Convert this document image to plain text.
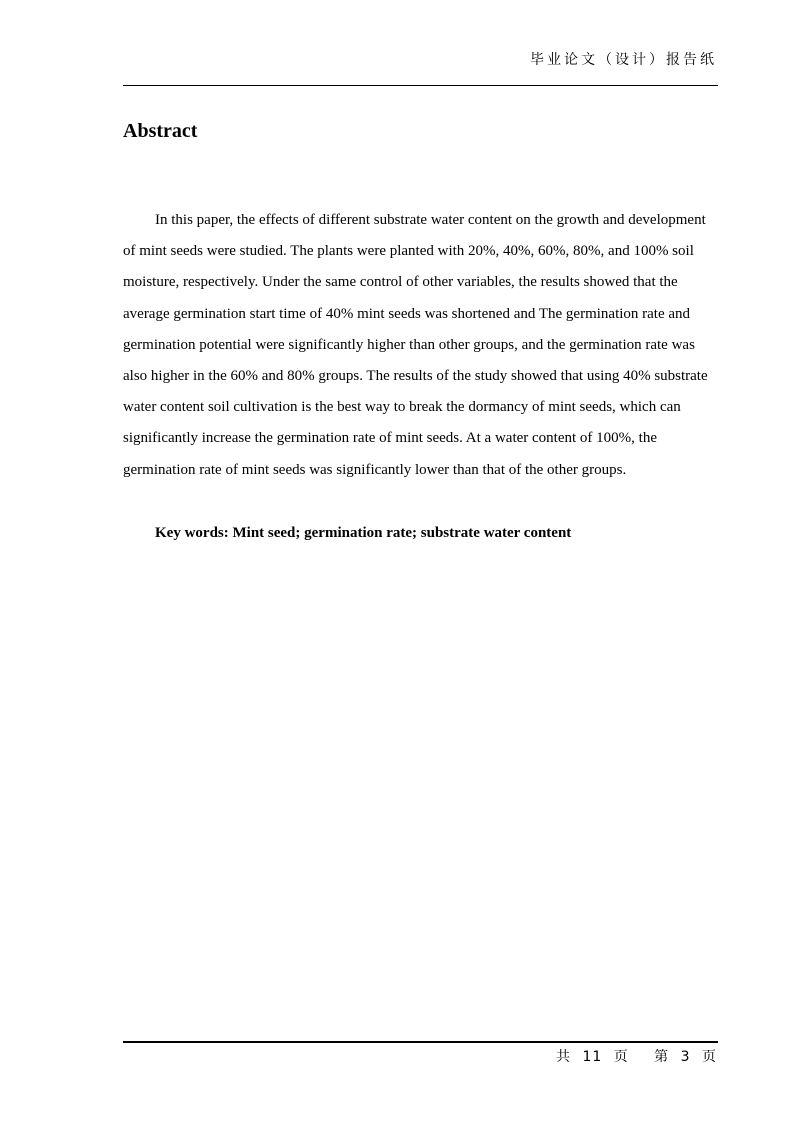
毕业论文（设计）报告纸
Abstract

In this paper, the effects of different substrate water content on the growth and development of mint seeds were studied. The plants were planted with 20%, 40%, 60%, 80%, and 100% soil moisture, respectively. Under the same control of other variables, the results showed that the average germination start time of 40% mint seeds was shortened and The germination rate and germination potential were significantly higher than other groups, and the germination rate was also higher in the 60% and 80% groups. The results of the study showed that using 40% substrate water content soil cultivation is the best way to break the dormancy of mint seeds, which can significantly increase the germination rate of mint seeds. At a water content of 100%, the germination rate of mint seeds was significantly lower than that of the other groups.

Key words: Mint seed; germination rate; substrate water content

共 11 页 第 3 页
